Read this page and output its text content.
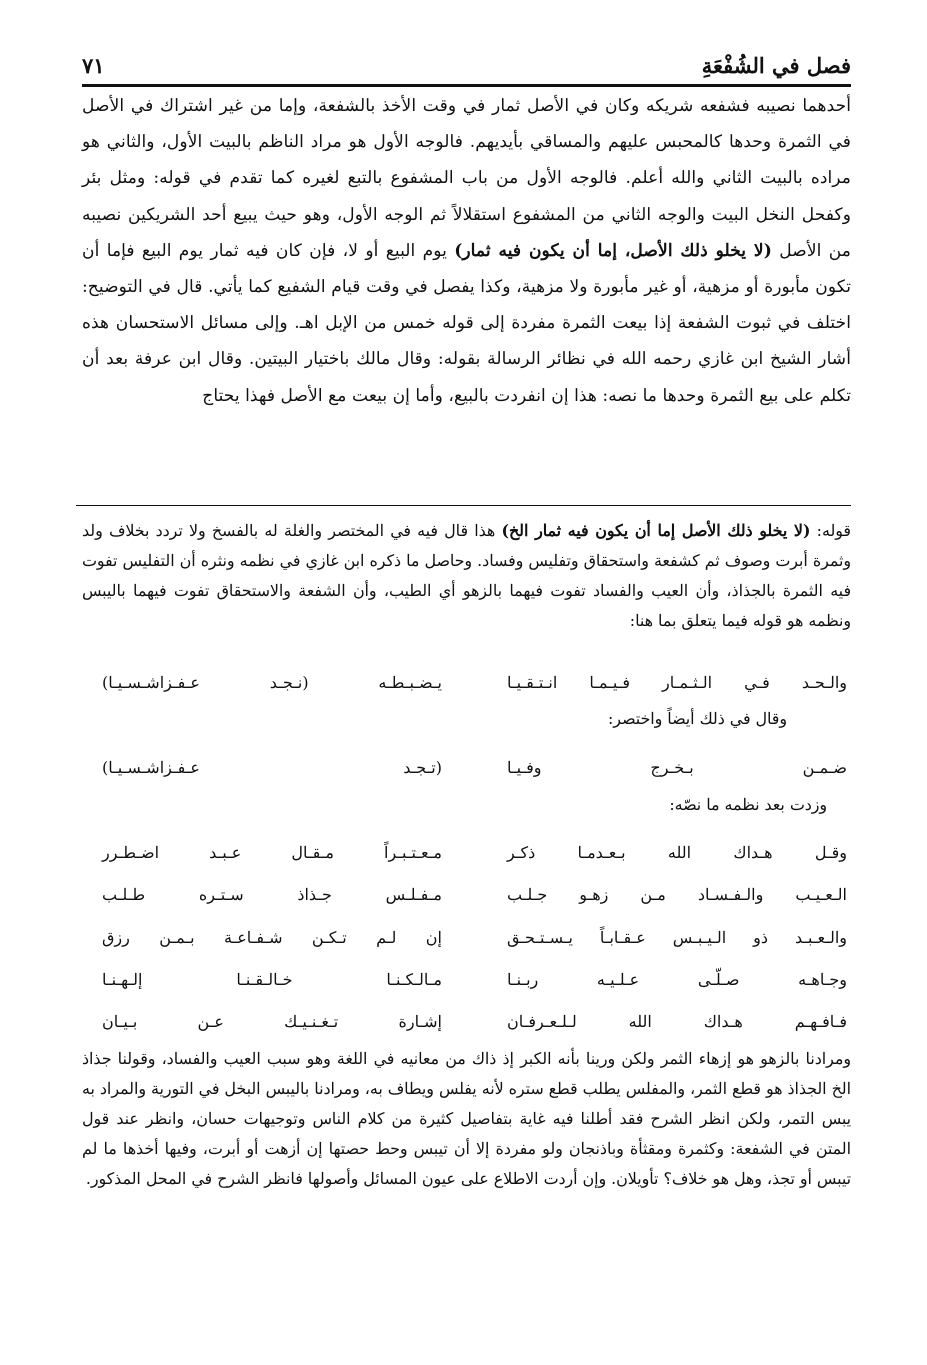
فصل في الشُفْعَةِ
٧١

أحدهما نصيبه فشفعه شريكه وكان في الأصل ثمار في وقت الأخذ بالشفعة، وإما من غير اشتراك في الأصل في الثمرة وحدها كالمحبس عليهم والمساقي بأيديهم. فالوجه الأول هو مراد الناظم بالبيت الأول، والثاني هو مراده بالبيت الثاني والله أعلم. فالوجه الأول من باب المشفوع بالتبع لغيره كما تقدم في قوله: ومثل بئر وكفحل النخل البيت والوجه الثاني من المشفوع استقلالاً ثم الوجه الأول، وهو حيث يبيع أحد الشريكين نصيبه من الأصل (لا يخلو ذلك الأصل، إما أن يكون فيه ثمار) يوم البيع أو لا، فإن كان فيه ثمار يوم البيع فإما أن تكون مأبورة أو مزهية، أو غير مأبورة ولا مزهية، وكذا يفصل في وقت قيام الشفيع كما يأتي. قال في التوضيح: اختلف في ثبوت الشفعة إذا بيعت الثمرة مفردة إلى قوله خمس من الإبل اهـ. وإلى مسائل الاستحسان هذه أشار الشيخ ابن غازي رحمه الله في نظائر الرسالة بقوله: وقال مالك باختيار البيتين. وقال ابن عرفة بعد أن تكلم على بيع الثمرة وحدها ما نصه: هذا إن انفردت بالبيع، وأما إن بيعت مع الأصل فهذا يحتاج

قوله: (لا يخلو ذلك الأصل إما أن يكون فيه ثمار الخ) هذا قال فيه في المختصر والغلة له بالفسخ ولا تردد بخلاف ولد وثمرة أبرت وصوف ثم كشفعة واستحقاق وتفليس وفساد. وحاصل ما ذكره ابن غازي في نظمه ونثره أن التفليس تفوت فيه الثمرة بالجذاذ، وأن العيب والفساد تفوت فيهما بالزهو أي الطيب، وأن الشفعة والاستحقاق تفوت فيهما باليبس ونظمه هو قوله فيما يتعلق بما هنا:

والـحـد فـي الـثـمـار فـيـمـا انـتـقـيـا
يـضـبـطـه (نـجـد عـفـزاشـسـيـا)
وقال في ذلك أيضاً واختصر:
ضـمـن بـخـرج وفـيـا
(تـجـد عـفـزاشـسـيـا)
وزدت بعد نظمه ما نصّه:
وقـل هـداك الله بـعـدمـا ذكـر
مـعـتـبـراً مـقـال عـبـد اضـطـرر
الـعـيـب والـفـسـاد مـن زهـو جـلـب
مـفـلـس جـذاذ سـتـره طـلـب
والـعـبـد ذو الـيـبـس عـقـابـاً يـسـتـحـق
إن لـم تـكـن شـفـاعـة بـمـن رزق
وجـاهـه صـلّـى عـلـيـه ربـنـا
مـالـكـنـا خـالـقـنـا إلـهـنـا
فـافـهـم هـداك الله لـلـعـرفـان
إشـارة تـغـنـيـك عـن بـيـان

ومرادنا بالزهو هو إزهاء الثمر ولكن ورينا بأنه الكبر إذ ذاك من معانيه في اللغة وهو سبب العيب والفساد، وقولنا جذاذ الخ الجذاذ هو قطع الثمر، والمفلس يطلب قطع ستره لأنه يفلس ويطاف به، ومرادنا باليبس البخل في التورية والمراد به يبس التمر، ولكن انظر الشرح فقد أطلنا فيه غاية بتفاصيل كثيرة من كلام الناس وتوجيهات حسان، وانظر عند قول المتن في الشفعة: وكثمرة ومقثأة وباذنجان ولو مفردة إلا أن تيبس وحط حصتها إن أزهت أو أبرت، وفيها أخذها ما لم تيبس أو تجذ، وهل هو خلاف؟ تأويلان. وإن أردت الاطلاع على عيون المسائل وأصولها فانظر الشرح في المحل المذكور.
